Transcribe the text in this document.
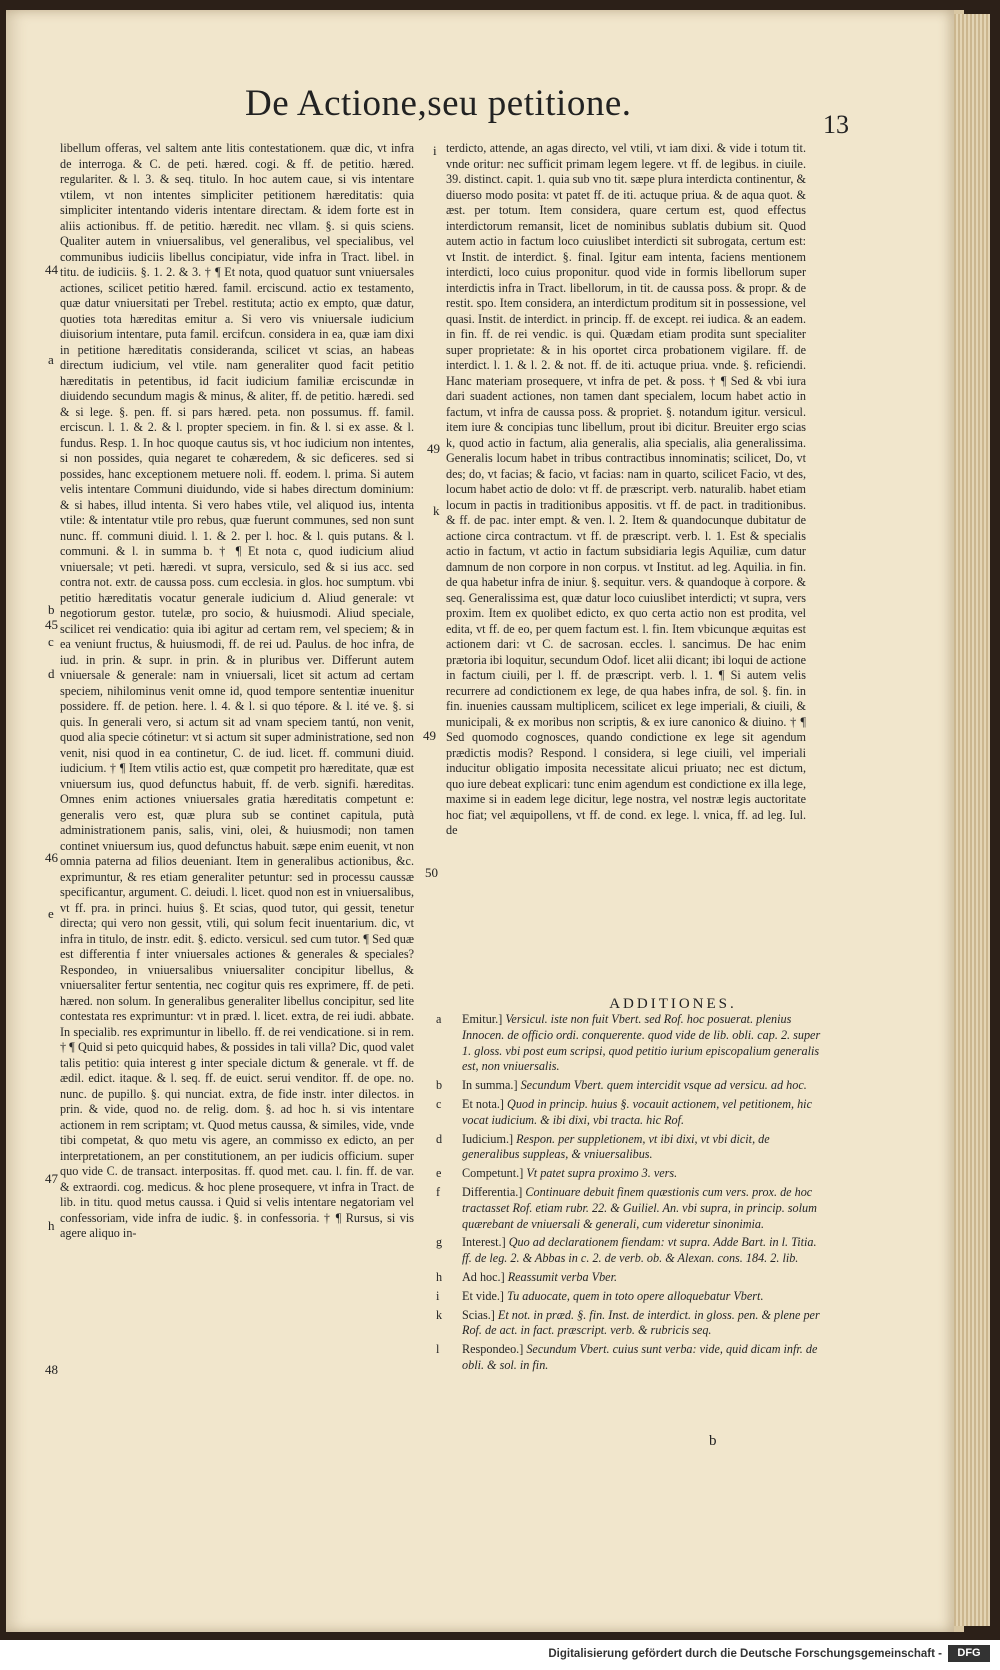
De Actione,seu petitione.
13

libellum offeras, vel saltem ante litis contestationem. quæ dic, vt infra de interroga. & C. de peti. hæred. cogi. & ff. de petitio. hæred. regulariter. & l. 3. & seq. titulo. In hoc autem caue, si vis intentare vtilem, vt non intentes simpliciter petitionem hæreditatis: quia simpliciter intentando videris intentare directam. & idem forte est in aliis actionibus. ff. de petitio. hæredit. nec vllam. §. si quis sciens. Qualiter autem in vniuersalibus, vel generalibus, vel specialibus, vel communibus iudiciis libellus concipiatur, vide infra in Tract. libel. in titu. de iudiciis. §. 1. 2. & 3. † ¶ Et nota, quod quatuor sunt vniuersales actiones, scilicet petitio hæred. famil. erciscund. actio ex testamento, quæ datur vniuersitati per Trebel. restituta; actio ex empto, quæ datur, quoties tota hæreditas emitur a. Si vero vis vniuersale iudicium diuisorium intentare, puta famil. ercifcun. considera in ea, quæ iam dixi in petitione hæreditatis consideranda, scilicet vt scias, an habeas directum iudicium, vel vtile. nam generaliter quod facit petitio hæreditatis in petentibus, id facit iudicium familiæ erciscundæ in diuidendo secundum magis & minus, & aliter, ff. de petitio. hæredi. sed & si lege. §. pen. ff. si pars hæred. peta. non possumus. ff. famil. erciscun. l. 1. & 2. & l. propter speciem. in fin. & l. si ex asse. & l. fundus. Resp. 1. In hoc quoque cautus sis, vt hoc iudicium non intentes, si non possides, quia negaret te cohæredem, & sic deficeres. sed si possides, hanc exceptionem metuere noli. ff. eodem. l. prima. Si autem velis intentare Communi diuidundo, vide si habes directum dominium: & si habes, illud intenta. Si vero habes vtile, vel aliquod ius, intenta vtile: & intentatur vtile pro rebus, quæ fuerunt communes, sed non sunt nunc. ff. communi diuid. l. 1. & 2. per l. hoc. & l. quis putans. & l. communi. & l. in summa b. † ¶ Et nota c, quod iudicium aliud vniuersale; vt peti. hæredi. vt supra, versiculo, sed & si ius acc. sed contra not. extr. de caussa poss. cum ecclesia. in glos. hoc sumptum. vbi petitio hæreditatis vocatur generale iudicium d. Aliud generale: vt negotiorum gestor. tutelæ, pro socio, & huiusmodi. Aliud speciale, scilicet rei vendicatio: quia ibi agitur ad certam rem, vel speciem; & in ea veniunt fructus, & huiusmodi, ff. de rei ud. Paulus. de hoc infra, de iud. in prin. & supr. in prin. & in pluribus ver. Differunt autem vniuersale & generale: nam in vniuersali, licet sit actum ad certam speciem, nihilominus venit omne id, quod tempore sententiæ inuenitur possidere. ff. de petion. here. l. 4. & l. si quo tépore. & l. ité ve. §. si quis. In generali vero, si actum sit ad vnam speciem tantú, non venit, quod alia specie cótinetur: vt si actum sit super administratione, sed non venit, nisi quod in ea continetur, C. de iud. licet. ff. communi diuid. iudicium. † ¶ Item vtilis actio est, quæ competit pro hæreditate, quæ est vniuersum ius, quod defunctus habuit, ff. de verb. signifi. hæreditas. Omnes enim actiones vniuersales gratia hæreditatis competunt e: generalis vero est, quæ plura sub se continet capitula, putà administrationem panis, salis, vini, olei, & huiusmodi; non tamen continet vniuersum ius, quod defunctus habuit. sæpe enim euenit, vt non omnia paterna ad filios deueniant. Item in generalibus actionibus, &c. exprimuntur, & res etiam generaliter petuntur: sed in processu caussæ specificantur, argument. C. deiudi. l. licet. quod non est in vniuersalibus, vt ff. pra. in princi. huius §. Et scias, quod tutor, qui gessit, tenetur directa; qui vero non gessit, vtili, qui solum fecit inuentarium. dic, vt infra in titulo, de instr. edit. §. edicto. versicul. sed cum tutor. ¶ Sed quæ est differentia f inter vniuersales actiones & generales & speciales? Respondeo, in vniuersalibus vniuersaliter concipitur libellus, & vniuersaliter fertur sententia, nec cogitur quis res exprimere, ff. de peti. hæred. non solum. In generalibus generaliter libellus concipitur, sed lite contestata res exprimuntur: vt in præd. l. licet. extra, de rei iudi. abbate. In specialib. res exprimuntur in libello. ff. de rei vendicatione. si in rem. † ¶ Quid si peto quicquid habes, & possides in tali villa? Dic, quod valet talis petitio: quia interest g inter speciale dictum & generale. vt ff. de ædil. edict. itaque. & l. seq. ff. de euict. serui venditor. ff. de ope. no. nunc. de pupillo. §. qui nunciat. extra, de fide instr. inter dilectos. in prin. & vide, quod no. de relig. dom. §. ad hoc h. si vis intentare actionem in rem scriptam; vt. Quod metus caussa, & similes, vide, vnde tibi competat, & quo metu vis agere, an commisso ex edicto, an per interpretationem, an per constitutionem, an per iudicis officium. super quo vide C. de transact. interpositas. ff. quod met. cau. l. fin. ff. de var. & extraordi. cog. medicus. & hoc plene prosequere, vt infra in Tract. de lib. in titu. quod metus caussa. i Quid si velis intentare negatoriam vel confessoriam, vide infra de iudic. §. in confessoria. † ¶ Rursus, si vis agere aliquo in-

terdicto, attende, an agas directo, vel vtili, vt iam dixi. & vide i totum tit. vnde oritur: nec sufficit primam legem legere. vt ff. de legibus. in ciuile. 39. distinct. capit. 1. quia sub vno tit. sæpe plura interdicta continentur, & diuerso modo posita: vt patet ff. de iti. actuque priua. & de aqua quot. & æst. per totum. Item considera, quare certum est, quod effectus interdictorum remansit, licet de nominibus sublatis dubium sit. Quod autem actio in factum loco cuiuslibet interdicti sit subrogata, certum est: vt Instit. de interdict. §. final. Igitur eam intenta, faciens mentionem interdicti, loco cuius proponitur. quod vide in formis libellorum super interdictis infra in Tract. libellorum, in tit. de caussa poss. & propr. & de restit. spo. Item considera, an interdictum proditum sit in possessione, vel quasi. Instit. de interdict. in princip. ff. de except. rei iudica. & an eadem. in fin. ff. de rei vendic. is qui. Quædam etiam prodita sunt specialiter super proprietate: & in his oportet circa probationem vigilare. ff. de interdict. l. 1. & l. 2. & not. ff. de iti. actuque priua. vnde. §. reficiendi. Hanc materiam prosequere, vt infra de pet. & poss. † ¶ Sed & vbi iura dari suadent actiones, non tamen dant specialem, locum habet actio in factum, vt infra de caussa poss. & propriet. §. notandum igitur. versicul. item iure & concipias tunc libellum, prout ibi dicitur. Breuiter ergo scias k, quod actio in factum, alia generalis, alia specialis, alia generalissima. Generalis locum habet in tribus contractibus innominatis; scilicet, Do, vt des; do, vt facias; & facio, vt facias: nam in quarto, scilicet Facio, vt des, locum habet actio de dolo: vt ff. de præscript. verb. naturalib. habet etiam locum in pactis in traditionibus appositis. vt ff. de pact. in traditionibus. & ff. de pac. inter empt. & ven. l. 2. Item & quandocunque dubitatur de actione circa contractum. vt ff. de præscript. verb. l. 1. Est & specialis actio in factum, vt actio in factum subsidiaria legis Aquiliæ, cum datur damnum de non corpore in non corpus. vt Institut. ad leg. Aquilia. in fin. de qua habetur infra de iniur. §. sequitur. vers. & quandoque à corpore. & seq. Generalissima est, quæ datur loco cuiuslibet interdicti; vt supra, vers proxim. Item ex quolibet edicto, ex quo certa actio non est prodita, vel edita, vt ff. de eo, per quem factum est. l. fin. Item vbicunque æquitas est actionem dari: vt C. de sacrosan. eccles. l. sancimus. De hac enim prætoria ibi loquitur, secundum Odof. licet alii dicant; ibi loqui de actione in factum ciuili, per l. ff. de præscript. verb. l. 1. ¶ Si autem velis recurrere ad condictionem ex lege, de qua habes infra, de sol. §. fin. in fin. inuenies caussam multiplicem, scilicet ex lege imperiali, & ciuili, & municipali, & ex moribus non scriptis, & ex iure canonico & diuino. † ¶ Sed quomodo cognosces, quando condictione ex lege sit agendum prædictis modis? Respond. l considera, si lege ciuili, vel imperiali inducitur obligatio imposita necessitate alicui priuato; nec est dictum, quo iure debeat explicari: tunc enim agendum est condictione ex illa lege, maxime si in eadem lege dicitur, lege nostra, vel nostræ legis auctoritate hoc fiat; vel æquipollens, vt ff. de cond. ex lege. l. vnica, ff. ad leg. Iul. de

44
a
b
45
c
d
46
e
47
h
48
i
49
k
49
50
ADDITIONES.
a	Emitur.] Versicul. iste non fuit Vbert. sed Rof. hoc posuerat. plenius Innocen. de officio ordi. conquerente. quod vide de lib. obli. cap. 2. super 1. gloss. vbi post eum scripsi, quod petitio iurium episcopalium generalis est, non vniuersalis.
b	In summa.] Secundum Vbert. quem intercidit vsque ad versicu. ad hoc.
c	Et nota.] Quod in princip. huius §. vocauit actionem, vel petitionem, hic vocat iudicium. & ibi dixi, vbi tracta. hic Rof.
d	Iudicium.] Respon. per suppletionem, vt ibi dixi, vt vbi dicit, de generalibus suppleas, & vniuersalibus.
e	Competunt.] Vt patet supra proximo 3. vers.
f	Differentia.] Continuare debuit finem quæstionis cum vers. prox. de hoc tractasset Rof. etiam rubr. 22. & Guiliel. An. vbi supra, in princip. solum quærebant de vniuersali & generali, cum videretur sinonimia.
g	Interest.] Quo ad declarationem fiendam: vt supra. Adde Bart. in l. Titia. ff. de leg. 2. & Abbas in c. 2. de verb. ob. & Alexan. cons. 184. 2. lib.
h	Ad hoc.] Reassumit verba Vber.
i	Et vide.] Tu aduocate, quem in toto opere alloquebatur Vbert.
k	Scias.] Et not. in præd. §. fin. Inst. de interdict. in gloss. pen. & plene per Rof. de act. in fact. præscript. verb. & rubricis seq.
l	Respondeo.] Secundum Vbert. cuius sunt verba: vide, quid dicam infr. de obli. & sol. in fin.
b
Digitalisierung gefördert durch die Deutsche Forschungsgemeinschaft -	DFG
